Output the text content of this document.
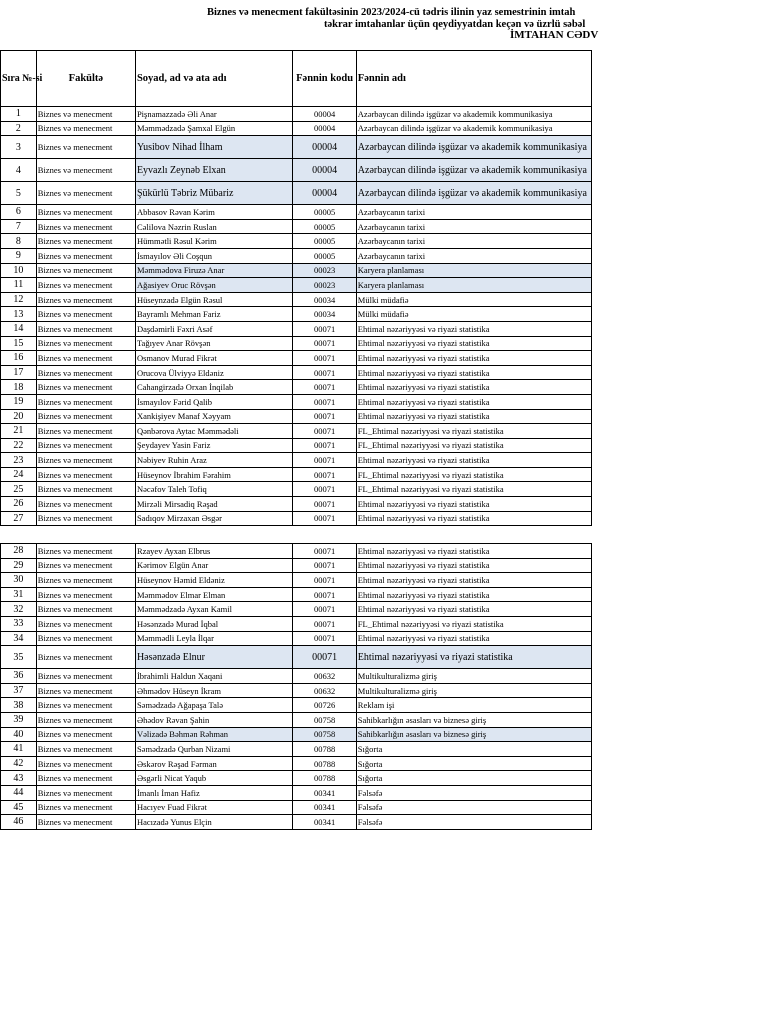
Biznes və menecment fakültəsinin 2023/2024-cü tədris ilinin yaz semestrinin imtah
təkrar imtahanlar üçün qeydiyyatdan keçən və üzrlü səbəl
İMTAHAN CƏDV
Sıra №-si	Fakültə	Soyad, ad və ata adı	Fənnin kodu	Fənnin adı
1	Biznes və menecment	Pişnamazzadə Əli Anar	00004	Azərbaycan dilində işgüzar və akademik kommunikasiya
2	Biznes və menecment	Məmmədzadə Şamxal Elgün	00004	Azərbaycan dilində işgüzar və akademik kommunikasiya
3	Biznes və menecment	Yusibov Nihad İlham	00004	Azərbaycan dilində işgüzar və akademik kommunikasiya
4	Biznes və menecment	Eyvazlı Zeynəb Elxan	00004	Azərbaycan dilində işgüzar və akademik kommunikasiya
5	Biznes və menecment	Şükürlü Təbriz Mübariz	00004	Azərbaycan dilində işgüzar və akademik kommunikasiya
6	Biznes və menecment	Abbasov Rəvan Kərim	00005	Azərbaycanın tarixi
7	Biznes və menecment	Cəlilova Nəzrin Ruslan	00005	Azərbaycanın tarixi
8	Biznes və menecment	Hümmətli Rəsul Kərim	00005	Azərbaycanın tarixi
9	Biznes və menecment	İsmayılov Əli Coşqun	00005	Azərbaycanın tarixi
10	Biznes və menecment	Məmmədova Firuzə Anar	00023	Karyera planlaması
11	Biznes və menecment	Ağasiyev Oruc Rövşən	00023	Karyera planlaması
12	Biznes və menecment	Hüseynzadə Elgün Rəsul	00034	Mülki müdafiə
13	Biznes və menecment	Bayramlı Mehman Fariz	00034	Mülki müdafiə
14	Biznes və menecment	Daşdəmirli Fəxri Asəf	00071	Ehtimal nəzəriyyəsi və riyazi statistika
15	Biznes və menecment	Tağıyev Anar Rövşən	00071	Ehtimal nəzəriyyəsi və riyazi statistika
16	Biznes və menecment	Osmanov Murad Fikrət	00071	Ehtimal nəzəriyyəsi və riyazi statistika
17	Biznes və menecment	Orucova Ülviyyə Eldəniz	00071	Ehtimal nəzəriyyəsi və riyazi statistika
18	Biznes və menecment	Cahangirzadə Orxan İnqilab	00071	Ehtimal nəzəriyyəsi və riyazi statistika
19	Biznes və menecment	İsmayılov Fərid Qalib	00071	Ehtimal nəzəriyyəsi və riyazi statistika
20	Biznes və menecment	Xankişiyev Manaf Xəyyam	00071	Ehtimal nəzəriyyəsi və riyazi statistika
21	Biznes və menecment	Qənbərova Aytac Məmmədəli	00071	FL_Ehtimal nəzəriyyəsi və riyazi statistika
22	Biznes və menecment	Şeydayev Yasin Fariz	00071	FL_Ehtimal nəzəriyyəsi və riyazi statistika
23	Biznes və menecment	Nəbiyev Ruhin Araz	00071	Ehtimal nəzəriyyəsi və riyazi statistika
24	Biznes və menecment	Hüseynov İbrahim Fərahim	00071	FL_Ehtimal nəzəriyyəsi və riyazi statistika
25	Biznes və menecment	Nəcəfov Taleh Tofiq	00071	FL_Ehtimal nəzəriyyəsi və riyazi statistika
26	Biznes və menecment	Mirzəli Mirsadiq Rəşad	00071	Ehtimal nəzəriyyəsi və riyazi statistika
27	Biznes və menecment	Sadıqov Mirzaxan Əsgər	00071	Ehtimal nəzəriyyəsi və riyazi statistika
28	Biznes və menecment	Rzayev Ayxan Elbrus	00071	Ehtimal nəzəriyyəsi və riyazi statistika
29	Biznes və menecment	Kərimov Elgün Anar	00071	Ehtimal nəzəriyyəsi və riyazi statistika
30	Biznes və menecment	Hüseynov Həmid Eldəniz	00071	Ehtimal nəzəriyyəsi və riyazi statistika
31	Biznes və menecment	Məmmədov Elmar Elman	00071	Ehtimal nəzəriyyəsi və riyazi statistika
32	Biznes və menecment	Məmmədzadə Ayxan Kamil	00071	Ehtimal nəzəriyyəsi və riyazi statistika
33	Biznes və menecment	Həsənzadə Murad İqbal	00071	FL_Ehtimal nəzəriyyəsi və riyazi statistika
34	Biznes və menecment	Məmmədli Leyla İlqar	00071	Ehtimal nəzəriyyəsi və riyazi statistika
35	Biznes və menecment	Həsənzadə Elnur	00071	Ehtimal nəzəriyyəsi və riyazi statistika
36	Biznes və menecment	İbrahimli Haldun Xaqani	00632	Multikulturalizmə giriş
37	Biznes və menecment	Əhmədov Hüseyn İkram	00632	Multikulturalizmə giriş
38	Biznes və menecment	Səmədzadə Ağapaşa Talə	00726	Reklam işi
39	Biznes və menecment	Əhədov Rəvan Şahin	00758	Sahibkarlığın əsasları və biznesə giriş
40	Biznes və menecment	Vəlizadə Bəhmən Rəhman	00758	Sahibkarlığın əsasları və biznesə giriş
41	Biznes və menecment	Səmədzadə Qurban Nizami	00788	Sığorta
42	Biznes və menecment	Əskərov Rəşad Fərman	00788	Sığorta
43	Biznes və menecment	Əsgərli Nicat Yaqub	00788	Sığorta
44	Biznes və menecment	İmanlı İman Hafiz	00341	Fəlsəfə
45	Biznes və menecment	Hacıyev Fuad Fikrət	00341	Fəlsəfə
46	Biznes və menecment	Hacızadə Yunus Elçin	00341	Fəlsəfə
